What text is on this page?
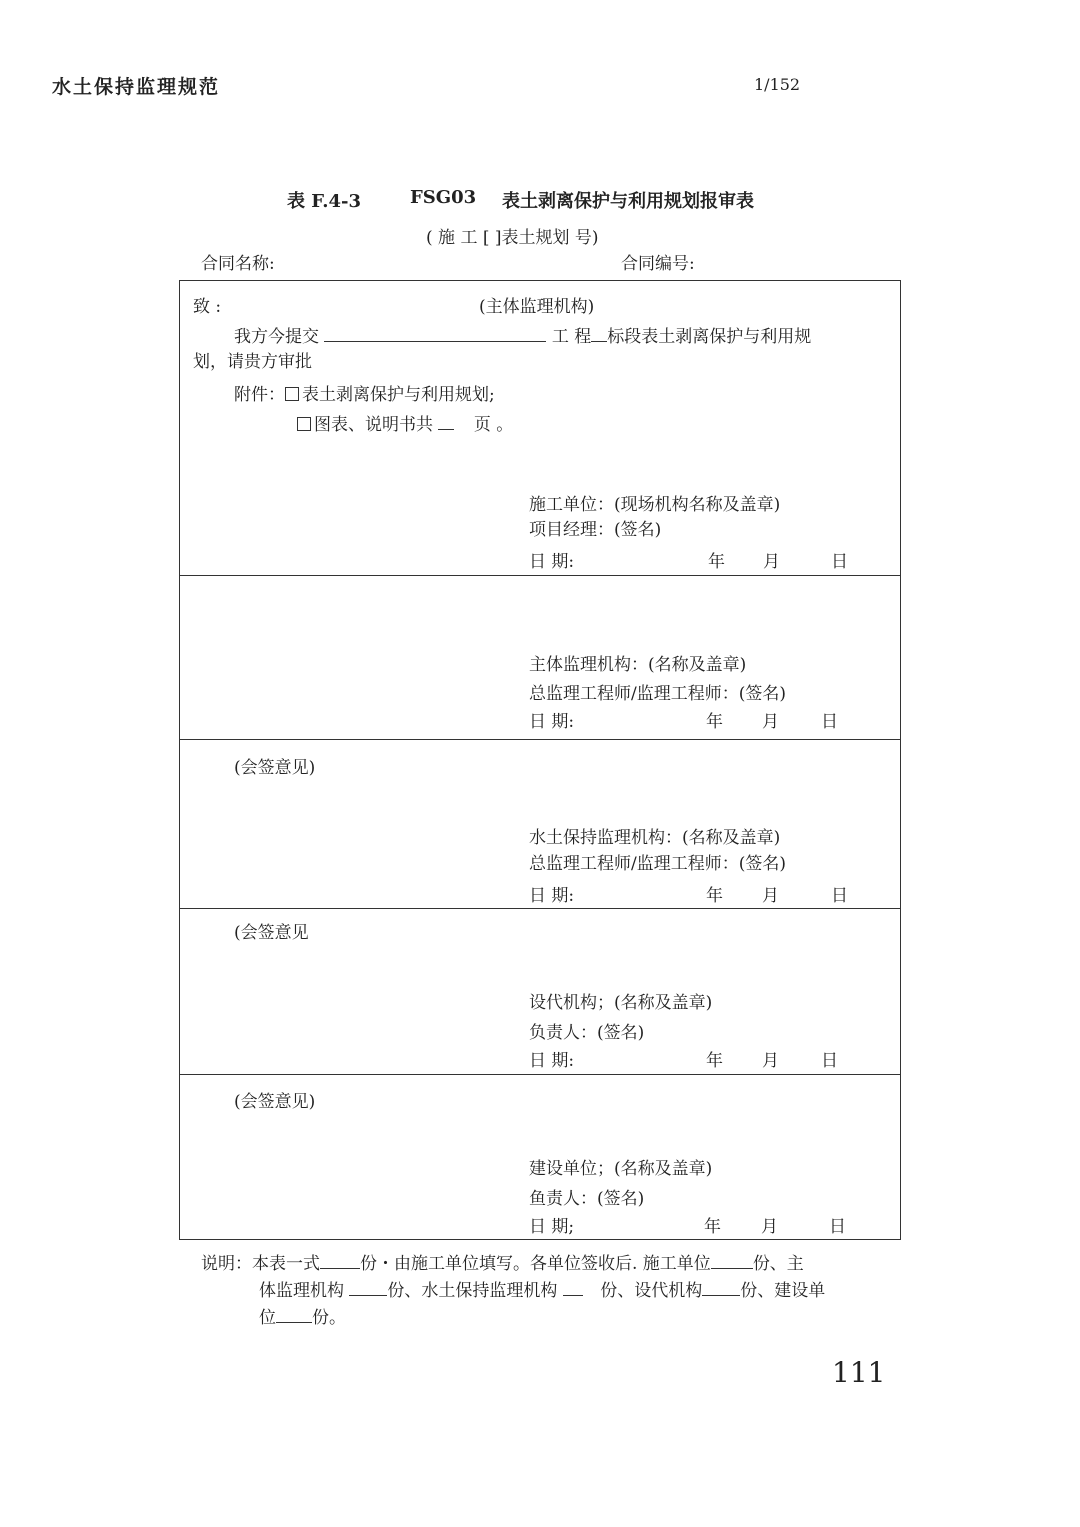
水土保持监理规范	1/152
表 F.4-3	FSG03 表土剥离保护与利用规划报审表
( 施 工 [ ]表土规划 号)
合同名称:	合同编号:
致 :	(主体监理机构)
我方今提交	工 程 标段表土剥离保护与利用规
划，请贵方审批
附件： 表土剥离保护与利用规划;
图表、说明书共 页 。
施工单位：(现场机构名称及盖章)
项目经理：(签名)
日 期:	年 月	日
主体监理机构：(名称及盖章)
总监理工程师/监理工程师：(签名)
日 期:	年 月 日
(会签意见)
水土保持监理机构：(名称及盖章)
总监理工程师/监理工程师：(签名)
日 期:	年 月	日
(会签意见
设代机构；(名称及盖章)
负责人：(签名)
日 期:	年 月 日
(会签意见)
建设单位；(名称及盖章)
鱼责人：(签名)
日 期;	年 月	日
说明：本表一式 份・由施工单位填写。各单位签收后. 施工单位 份、主
体监理机构	份、水土保持监理机构	份、设代机构 份、建设单
位 份。
111
